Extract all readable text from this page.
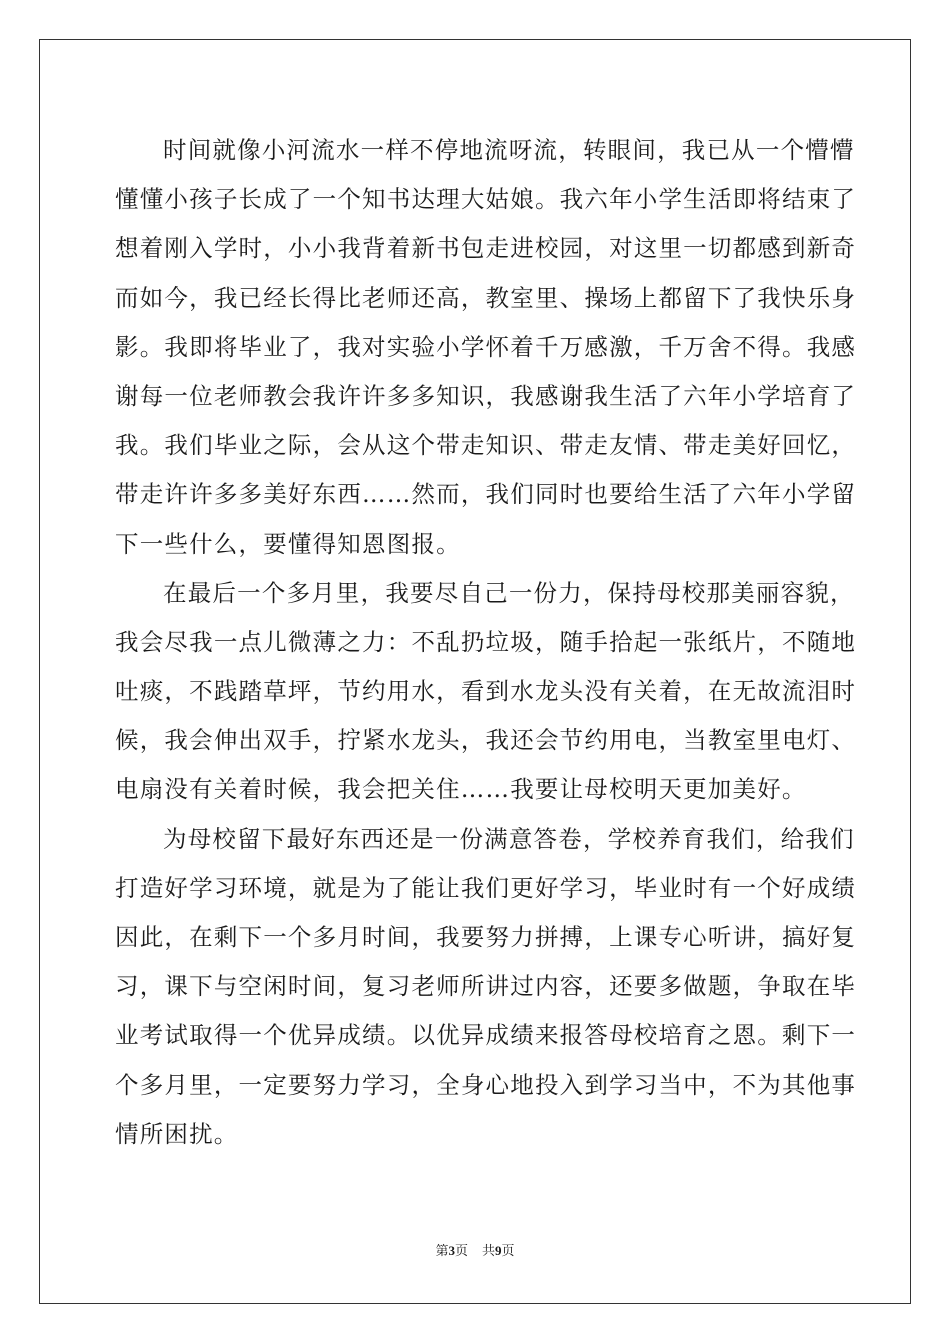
时 间 就 像 小 河 流 水 一 样 不 停 地 流 呀 流 ， 转 眼 间 ， 我 已 从 一 个 懵 懵
懂 懂 小 孩 子 长 成 了 一 个 知 书 达 理 大 姑 娘 。 我 六 年 小 学 生 活 即 将 结 束 了
想 着 刚 入 学 时 ， 小 小 我 背 着 新 书 包 走 进 校 园 ， 对 这 里 一 切 都 感 到 新 奇
而 如 今 ， 我 已 经 长 得 比 老 师 还 高 ， 教 室 里 、 操 场 上 都 留 下 了 我 快 乐 身
影 。 我 即 将 毕 业 了 ， 我 对 实 验 小 学 怀 着 千 万 感 激 ， 千 万 舍 不 得 。 我 感
谢 每 一 位 老 师 教 会 我 许 许 多 多 知 识 ， 我 感 谢 我 生 活 了 六 年 小 学 培 育 了
我 。 我 们 毕 业 之 际 ， 会 从 这 个 带 走 知 识 、 带 走 友 情 、 带 走 美 好 回 忆 ，
带 走 许 许 多 多 美 好 东 西 … … 然 而 ， 我 们 同 时 也 要 给 生 活 了 六 年 小 学 留
下一些什么，要懂得知恩图报。
在 最 后 一 个 多 月 里 ， 我 要 尽 自 己 一 份 力 ， 保 持 母 校 那 美 丽 容 貌 ，
我 会 尽 我 一 点 儿 微 薄 之 力 ： 不 乱 扔 垃 圾 ， 随 手 拾 起 一 张 纸 片 ， 不 随 地
吐 痰 ， 不 践 踏 草 坪 ， 节 约 用 水 ， 看 到 水 龙 头 没 有 关 着 ， 在 无 故 流 泪 时
候 ， 我 会 伸 出 双 手 ， 拧 紧 水 龙 头 ， 我 还 会 节 约 用 电 ， 当 教 室 里 电 灯 、
电扇没有关着时候，我会把关住……我要让母校明天更加美好。
为 母 校 留 下 最 好 东 西 还 是 一 份 满 意 答 卷 ， 学 校 养 育 我 们 ， 给 我 们
打 造 好 学 习 环 境 ， 就 是 为 了 能 让 我 们 更 好 学 习 ， 毕 业 时 有 一 个 好 成 绩
因 此 ， 在 剩 下 一 个 多 月 时 间 ， 我 要 努 力 拼 搏 ， 上 课 专 心 听 讲 ， 搞 好 复
习 ， 课 下 与 空 闲 时 间 ， 复 习 老 师 所 讲 过 内 容 ， 还 要 多 做 题 ， 争 取 在 毕
业 考 试 取 得 一 个 优 异 成 绩 。 以 优 异 成 绩 来 报 答 母 校 培 育 之 恩 。 剩 下 一
个 多 月 里 ， 一 定 要 努 力 学 习 ， 全 身 心 地 投 入 到 学 习 当 中 ， 不 为 其 他 事
情所困扰。
第3页 共9页
